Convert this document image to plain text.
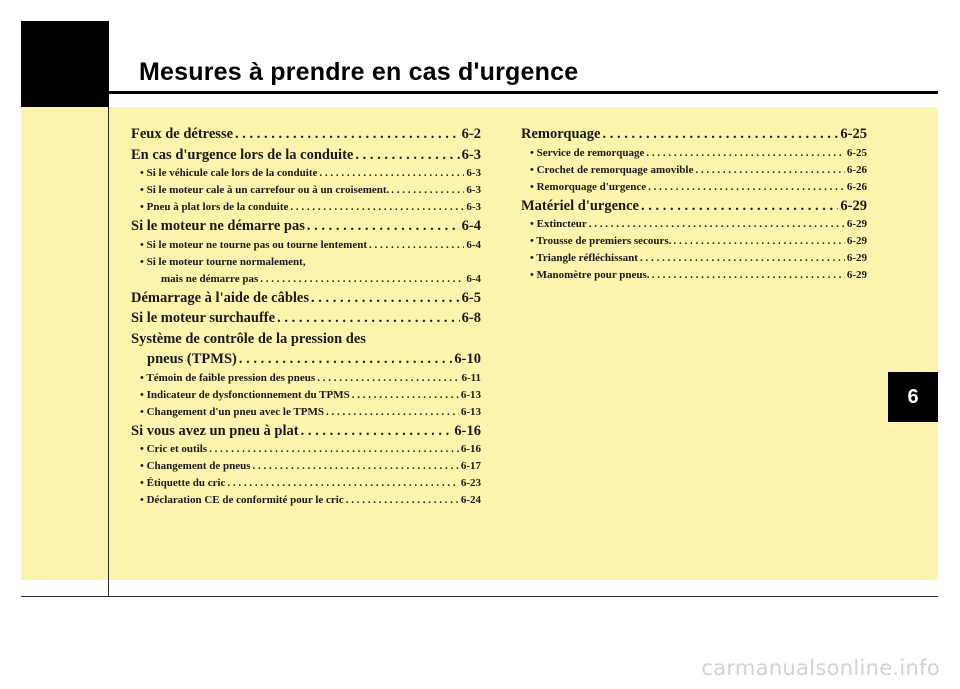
Mesures à prendre en cas d'urgence
6
Feux de détresse . . .	6-2
En cas d'urgence lors de la conduite . . .	6-3
• Si le véhicule cale lors de la conduite . . .	6-3
• Si le moteur cale à un carrefour ou à un croisement. . . .	6-3
• Pneu à plat lors de la conduite . . .	6-3
Si le moteur ne démarre pas . . .	6-4
• Si le moteur ne tourne pas ou tourne lentement . . .	6-4
• Si le moteur tourne normalement,
mais ne démarre pas . . .	6-4
Démarrage à l'aide de câbles . . .	6-5
Si le moteur surchauffe . . .	6-8
Système de contrôle de la pression des
pneus (TPMS) . . .	6-10
• Témoin de faible pression des pneus . . .	6-11
• Indicateur de dysfonctionnement du TPMS . . .	6-13
• Changement d'un pneu avec le TPMS . . .	6-13
Si vous avez un pneu à plat . . .	6-16
• Cric et outils . . .	6-16
• Changement de pneus . . .	6-17
• Étiquette du cric . . .	6-23
• Déclaration CE de conformité pour le cric . . .	6-24
Remorquage . . .	6-25
• Service de remorquage . . .	6-25
• Crochet de remorquage amovible . . .	6-26
• Remorquage d'urgence . . .	6-26
Matériel d'urgence . . .	6-29
• Extincteur . . .	6-29
• Trousse de premiers secours. . . .	6-29
• Triangle réfléchissant . . .	6-29
• Manomètre pour pneus. . . .	6-29
carmanualsonline.info
